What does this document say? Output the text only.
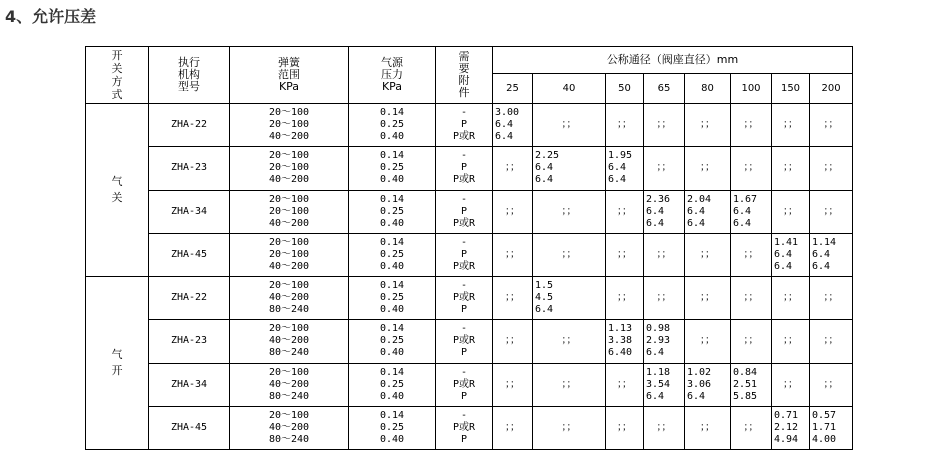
4、允许压差
开
关
方
式	执行
机构
型号	弹簧
范围
KPa	气源
压力
KPa	需
要
附
件	公称通径（阀座直径）mm							
					25	40	50	65	80	100	150	200

气
关	ZHA-22	20～100
20～100
40～200	0.14
0.25
0.40	-
P
P或R	3.00
6.4
6.4	；；	；；	；；	；；	；；	；；	；；

	ZHA-23	20～100
20～100
40～200	0.14
0.25
0.40	-
P
P或R	；；	2.25
6.4
6.4	1.95
6.4
6.4	；；	；；	；；	；；	；；

	ZHA-34	20～100
20～100
40～200	0.14
0.25
0.40	-
P
P或R	；；	；；	；；	2.36
6.4
6.4	2.04
6.4
6.4	1.67
6.4
6.4	；；	；；

	ZHA-45	20～100
20～100
40～200	0.14
0.25
0.40	-
P
P或R	；；	；；	；；	；；	；；	；；	1.41
6.4
6.4	1.14
6.4
6.4

气
开	ZHA-22	20～100
40～200
80～240	0.14
0.25
0.40	-
P或R
P	；；	1.5
4.5
6.4	；；	；；	；；	；；	；；	；；

	ZHA-23	20～100
40～200
80～240	0.14
0.25
0.40	-
P或R
P	；；	；；	1.13
3.38
6.40	0.98
2.93
6.4	；；	；；	；；	；；

	ZHA-34	20～100
40～200
80～240	0.14
0.25
0.40	-
P或R
P	；；	；；	；；	1.18
3.54
6.4	1.02
3.06
6.4	0.84
2.51
5.85	；；	；；

	ZHA-45	20～100
40～200
80～240	0.14
0.25
0.40	-
P或R
P	；；	；；	；；	；；	；；	；；	0.71
2.12
4.94	0.57
1.71
4.00
